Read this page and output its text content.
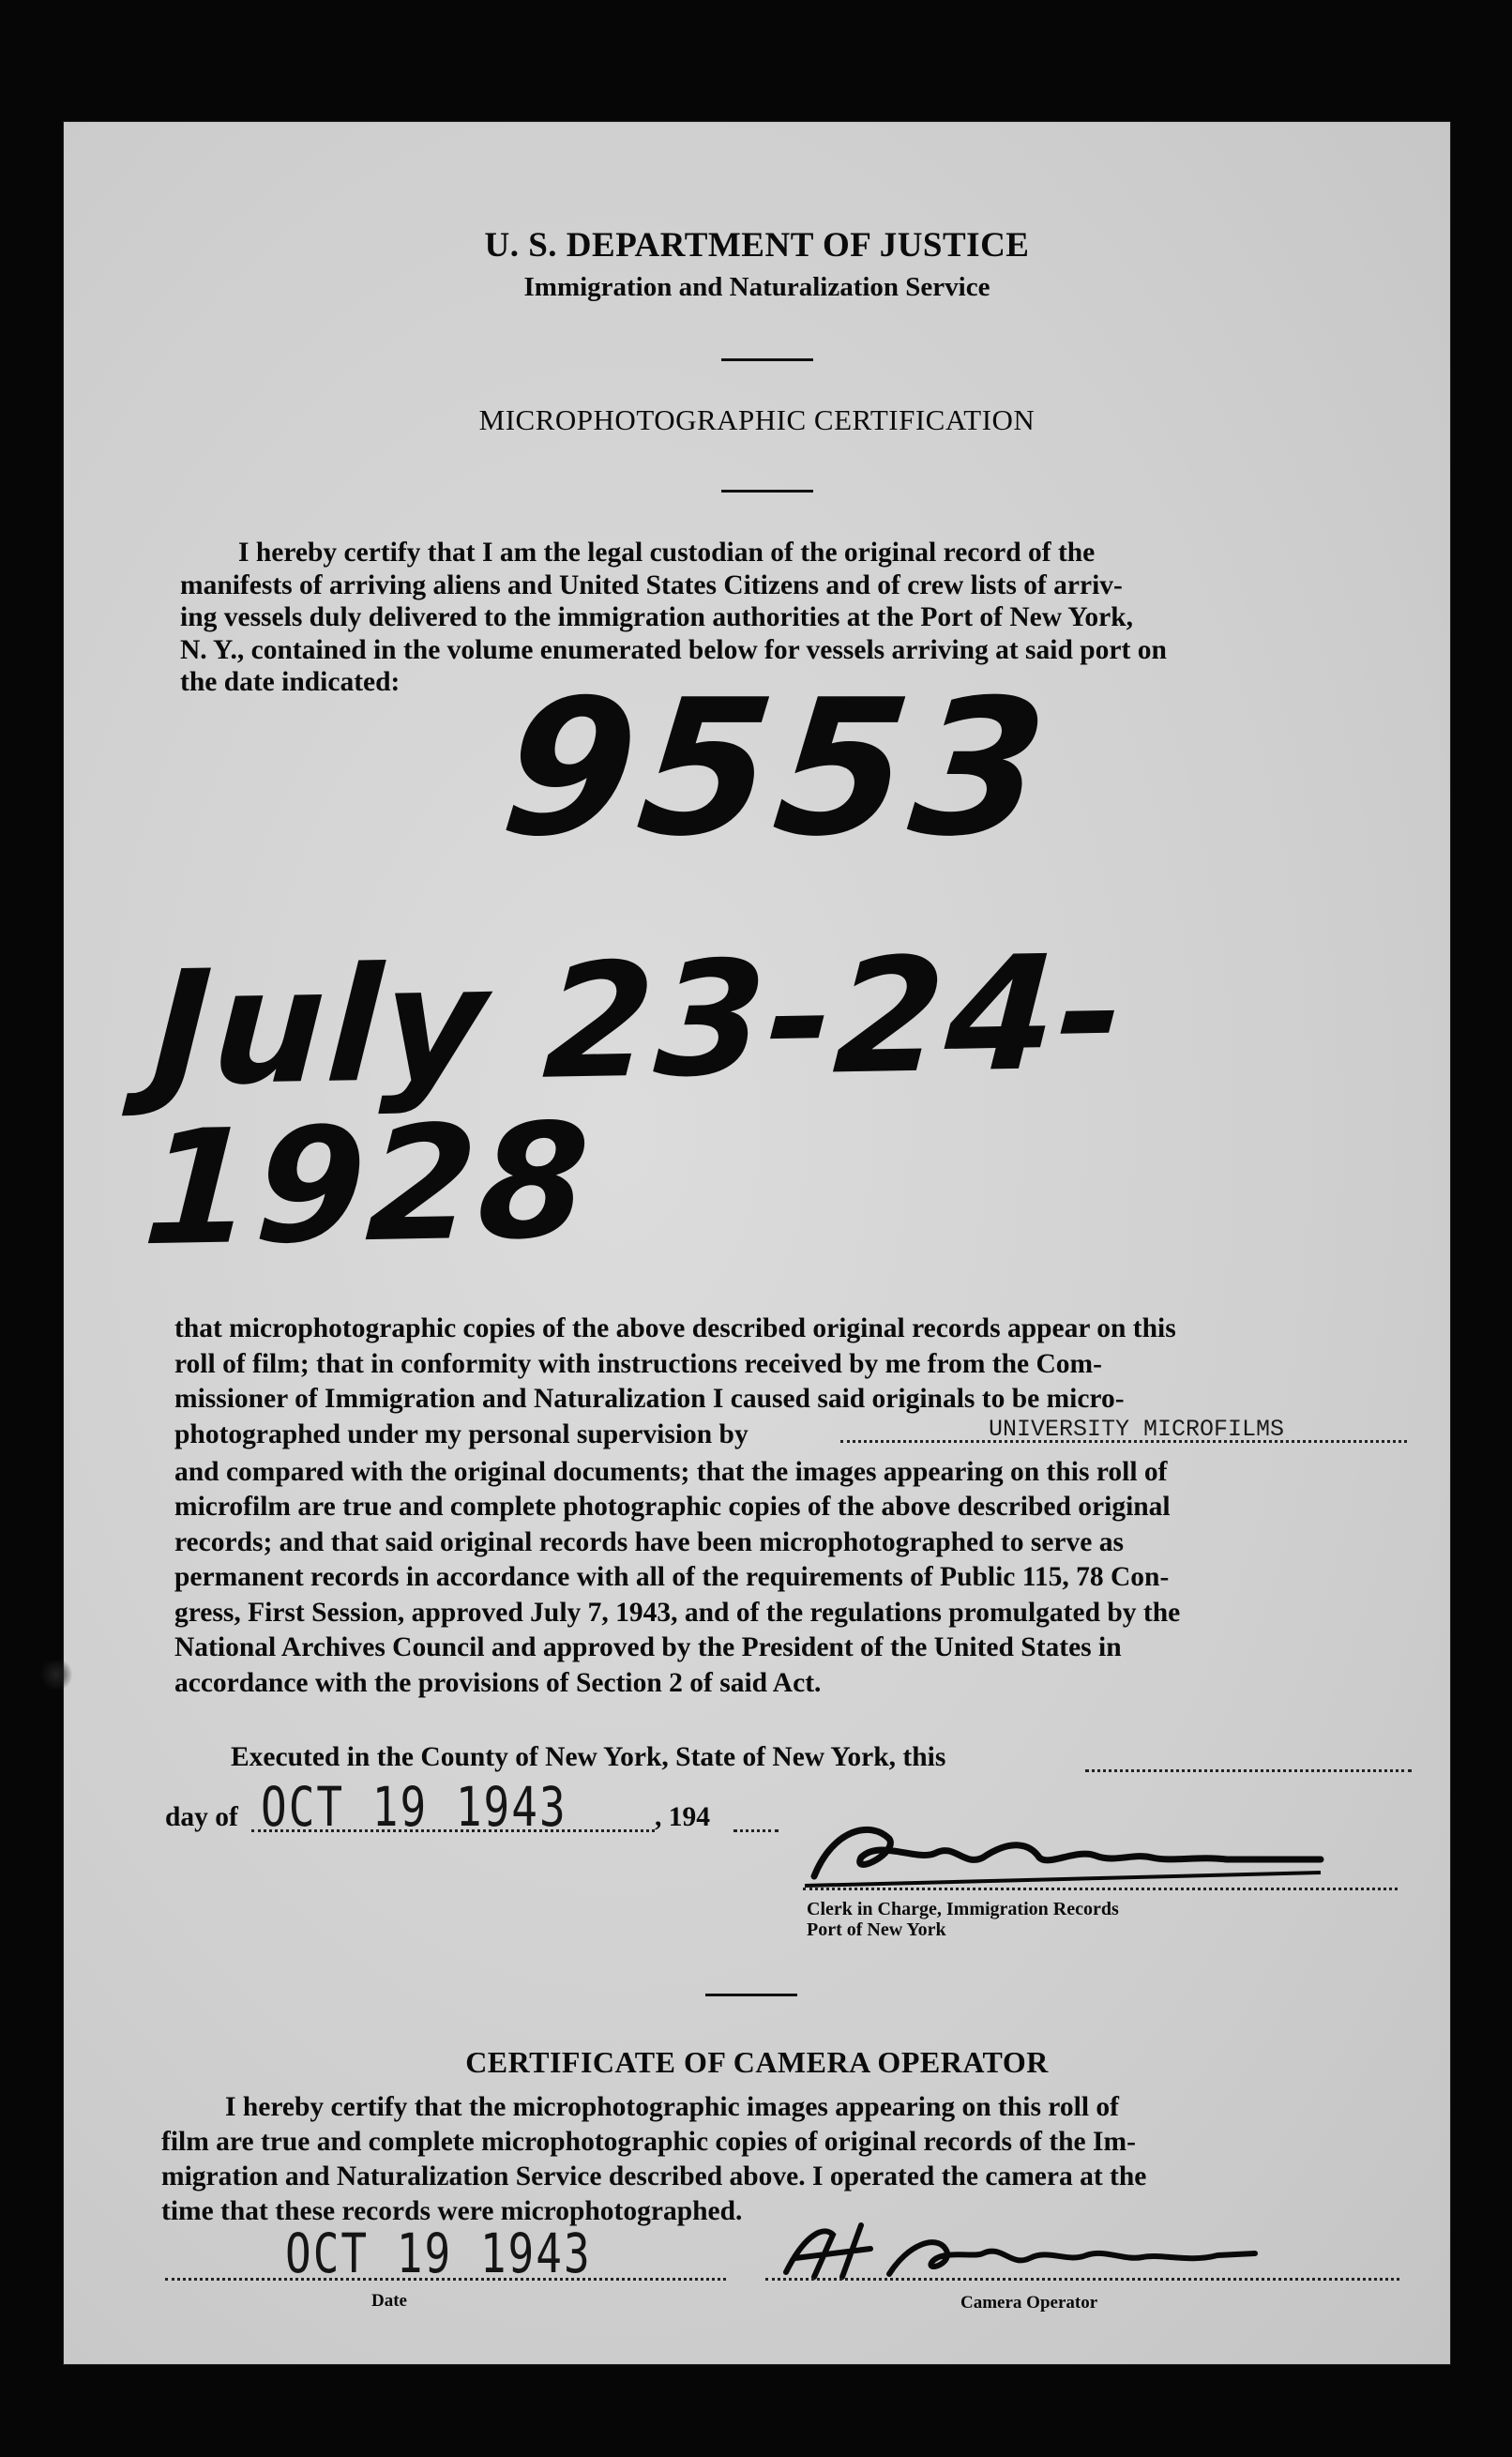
U. S. DEPARTMENT OF JUSTICE
Immigration and Naturalization Service
MICROPHOTOGRAPHIC CERTIFICATION
I hereby certify that I am the legal custodian of the original record of the
manifests of arriving aliens and United States Citizens and of crew lists of arriv-
ing vessels duly delivered to the immigration authorities at the Port of New York,
N. Y., contained in the volume enumerated below for vessels arriving at said port on
the date indicated: 9553
July 23-24-1928
that microphotographic copies of the above described original records appear on this
roll of film; that in conformity with instructions received by me from the Com-
missioner of Immigration and Naturalization I caused said originals to be micro-
photographed under my personal supervision by	UNIVERSITY MICROFILMS
and compared with the original documents; that the images appearing on this roll of
microfilm are true and complete photographic copies of the above described original
records; and that said original records have been microphotographed to serve as
permanent records in accordance with all of the requirements of Public 115, 78 Con-
gress, First Session, approved July 7, 1943, and of the regulations promulgated by the
National Archives Council and approved by the President of the United States in
accordance with the provisions of Section 2 of said Act.
Executed in the County of New York, State of New York, this
day of OCT 19 1943	, 194
Clerk in Charge, Immigration Records
Port of New York
CERTIFICATE OF CAMERA OPERATOR
I hereby certify that the microphotographic images appearing on this roll of
film are true and complete microphotographic copies of original records of the Im-
migration and Naturalization Service described above. I operated the camera at the
time that these records were microphotographed.
OCT 19 1943
Date	Camera Operator
